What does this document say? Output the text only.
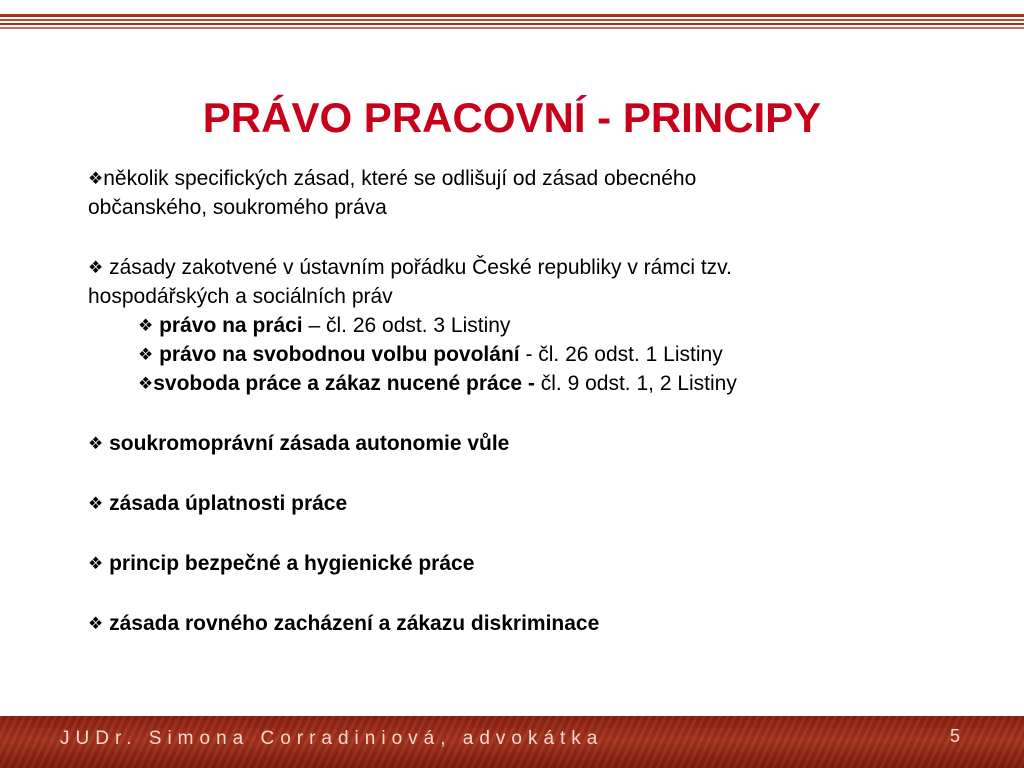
PRÁVO PRACOVNÍ - PRINCIPY

❖několik specifických zásad, které se odlišují od zásad obecného
občanského, soukromého práva

❖ zásady zakotvené v ústavním pořádku České republiky v rámci tzv.
hospodářských a sociálních práv

❖ právo na práci – čl. 26 odst. 3 Listiny

❖ právo na svobodnou volbu povolání - čl. 26 odst. 1 Listiny

❖svoboda práce a zákaz nucené práce - čl. 9 odst. 1, 2 Listiny

❖ soukromoprávní zásada autonomie vůle

❖ zásada úplatnosti práce

❖ princip bezpečné a hygienické práce

❖ zásada rovného zacházení a zákazu diskriminace

JUDr. Simona Corradiniová, advokátka	5
